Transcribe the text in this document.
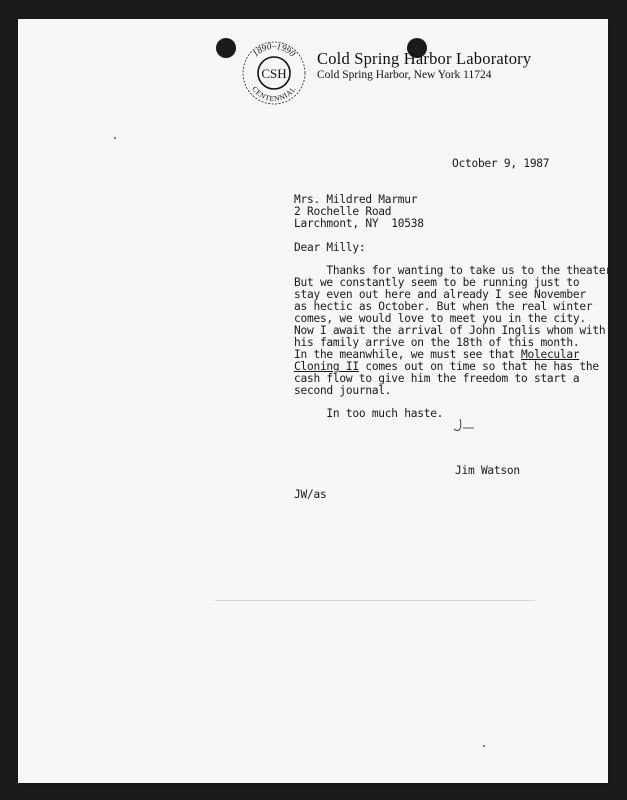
1890–1990
CSH
CENTENNIAL
Cold Spring Harbor Laboratory
Cold Spring Harbor, New York 11724
October 9, 1987
Mrs. Mildred Marmur
2 Rochelle Road
Larchmont, NY  10538
Dear Milly:
Thanks for wanting to take us to the theater.
But we constantly seem to be running just to
stay even out here and already I see November
as hectic as October. But when the real winter
comes, we would love to meet you in the city.
Now I await the arrival of John Inglis whom with
his family arrive on the 18th of this month.
In the meanwhile, we must see that Molecular
Cloning II comes out on time so that he has the
cash flow to give him the freedom to start a
second journal.
In too much haste.
Jim Watson
JW/as
